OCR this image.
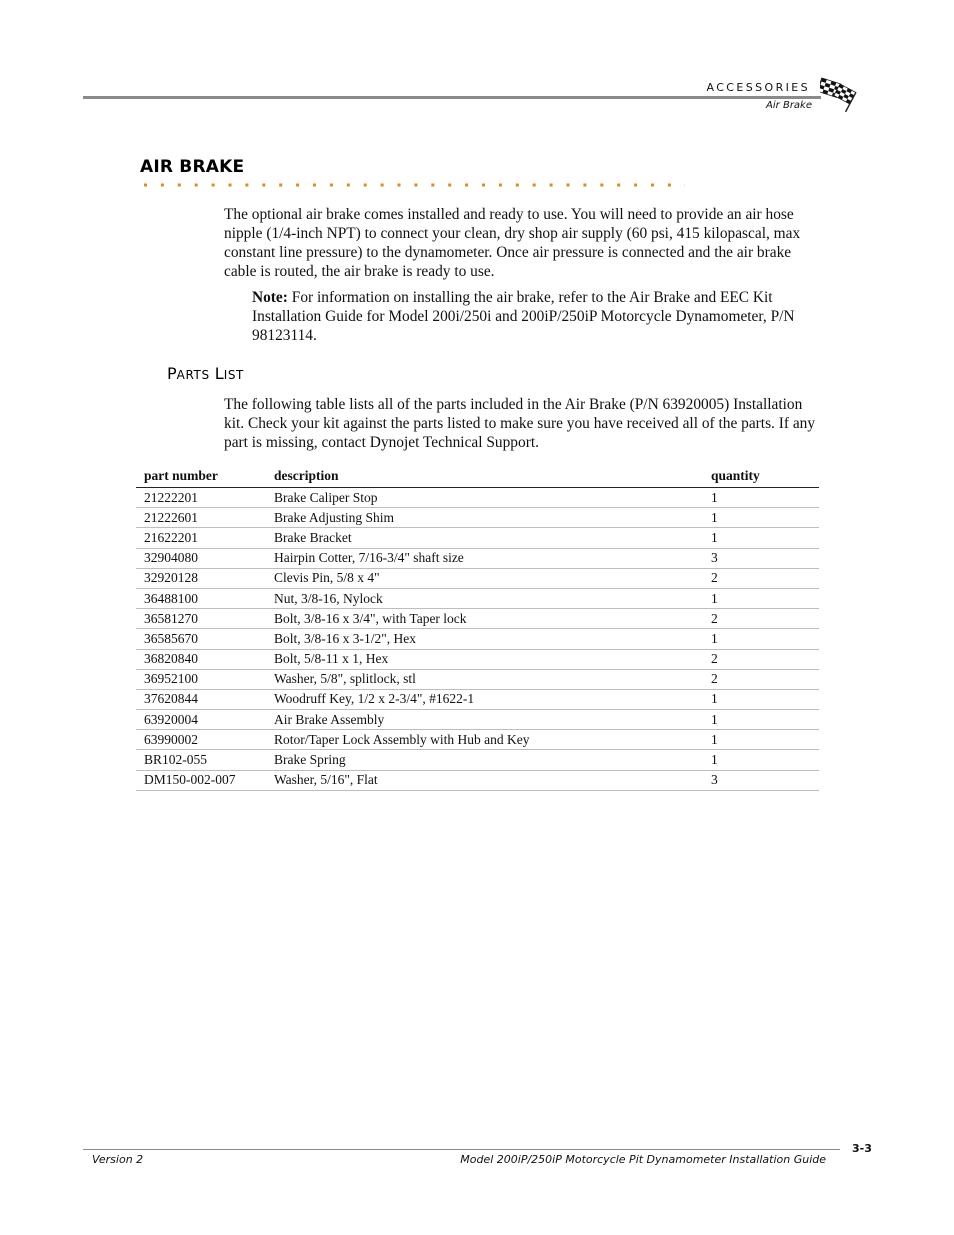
ACCESSORIES
Air Brake
AIR BRAKE
The optional air brake comes installed and ready to use. You will need to provide an air hose nipple (1/4-inch NPT) to connect your clean, dry shop air supply (60 psi, 415 kilopascal, max constant line pressure) to the dynamometer. Once air pressure is connected and the air brake cable is routed, the air brake is ready to use.
Note: For information on installing the air brake, refer to the Air Brake and EEC Kit Installation Guide for Model 200i/250i and 200iP/250iP Motorcycle Dynamometer, P/N 98123114.
PARTS LIST
The following table lists all of the parts included in the Air Brake (P/N 63920005) Installation kit. Check your kit against the parts listed to make sure you have received all of the parts. If any part is missing, contact Dynojet Technical Support.
part number	description	quantity
21222201	Brake Caliper Stop	1
21222601	Brake Adjusting Shim	1
21622201	Brake Bracket	1
32904080	Hairpin Cotter, 7/16-3/4" shaft size	3
32920128	Clevis Pin, 5/8 x 4"	2
36488100	Nut, 3/8-16, Nylock	1
36581270	Bolt, 3/8-16 x 3/4", with Taper lock	2
36585670	Bolt, 3/8-16 x 3-1/2", Hex	1
36820840	Bolt, 5/8-11 x 1, Hex	2
36952100	Washer, 5/8", splitlock, stl	2
37620844	Woodruff Key, 1/2 x 2-3/4", #1622-1	1
63920004	Air Brake Assembly	1
63990002	Rotor/Taper Lock Assembly with Hub and Key	1
BR102-055	Brake Spring	1
DM150-002-007	Washer, 5/16", Flat	3
3-3
Version 2	Model 200iP/250iP Motorcycle Pit Dynamometer Installation Guide
